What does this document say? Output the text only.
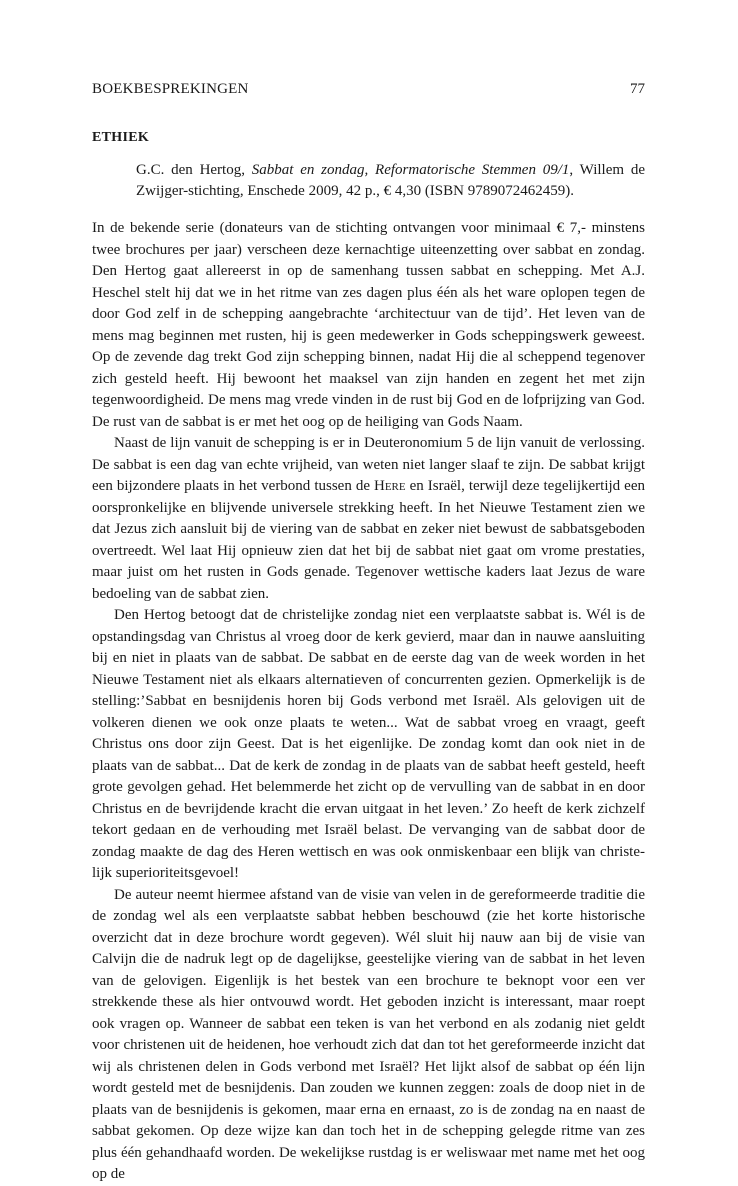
BOEKBESPREKINGEN	77
ETHIEK
G.C. den Hertog, Sabbat en zondag, Reformatorische Stemmen 09/1, Willem de Zwijger-stichting, Enschede 2009, 42 p., € 4,30 (ISBN 9789072462459).

In de bekende serie (donateurs van de stichting ontvangen voor minimaal € 7,- minstens twee brochures per jaar) verscheen deze kernachtige uiteenzetting over sabbat en zondag. Den Hertog gaat allereerst in op de samenhang tussen sabbat en schepping. Met A.J. Heschel stelt hij dat we in het ritme van zes dagen plus één als het ware oplopen tegen de door God zelf in de schepping aangebrachte ‘architectuur van de tijd’. Het leven van de mens mag beginnen met rusten, hij is geen medewerker in Gods scheppingswerk geweest. Op de zevende dag trekt God zijn schepping binnen, nadat Hij die al scheppend tegenover zich gesteld heeft. Hij bewoont het maaksel van zijn handen en zegent het met zijn tegenwoordigheid. De mens mag vrede vinden in de rust bij God en de lofprijzing van God. De rust van de sabbat is er met het oog op de heiliging van Gods Naam.

Naast de lijn vanuit de schepping is er in Deuteronomium 5 de lijn vanuit de verlossing. De sabbat is een dag van echte vrijheid, van weten niet langer slaaf te zijn. De sabbat krijgt een bijzondere plaats in het verbond tussen de Here en Israël, terwijl deze tegelijkertijd een oorspronkelijke en blijvende universele strekking heeft. In het Nieuwe Testament zien we dat Jezus zich aansluit bij de viering van de sabbat en zeker niet bewust de sabbatsgeboden overtreedt. Wel laat Hij opnieuw zien dat het bij de sabbat niet gaat om vrome prestaties, maar juist om het rusten in Gods genade. Tegenover wettische kaders laat Jezus de ware bedoeling van de sabbat zien.

Den Hertog betoogt dat de christelijke zondag niet een verplaatste sabbat is. Wél is de opstandingsdag van Christus al vroeg door de kerk gevierd, maar dan in nauwe aansluiting bij en niet in plaats van de sabbat. De sabbat en de eerste dag van de week worden in het Nieuwe Testament niet als elkaars alternatieven of concurrenten gezien. Opmerkelijk is de stelling:’Sabbat en besnijdenis horen bij Gods verbond met Israël. Als gelovigen uit de volkeren dienen we ook onze plaats te weten... Wat de sabbat vroeg en vraagt, geeft Christus ons door zijn Geest. Dat is het eigenlijke. De zondag komt dan ook niet in de plaats van de sabbat... Dat de kerk de zondag in de plaats van de sabbat heeft gesteld, heeft grote gevolgen gehad. Het belemmerde het zicht op de vervulling van de sabbat in en door Christus en de bevrijdende kracht die ervan uitgaat in het leven.’ Zo heeft de kerk zichzelf tekort gedaan en de verhouding met Israël belast. De vervanging van de sabbat door de zondag maakte de dag des Heren wettisch en was ook onmiskenbaar een blijk van christelijk superioriteitsgevoel!

De auteur neemt hiermee afstand van de visie van velen in de gereformeerde traditie die de zondag wel als een verplaatste sabbat hebben beschouwd (zie het korte historische overzicht dat in deze brochure wordt gegeven). Wél sluit hij nauw aan bij de visie van Calvijn die de nadruk legt op de dagelijkse, geestelijke viering van de sabbat in het leven van de gelovigen. Eigenlijk is het bestek van een brochure te beknopt voor een ver strekkende these als hier ontvouwd wordt. Het geboden inzicht is interessant, maar roept ook vragen op. Wanneer de sabbat een teken is van het verbond en als zodanig niet geldt voor christenen uit de heidenen, hoe verhoudt zich dat dan tot het gereformeerde inzicht dat wij als christenen delen in Gods verbond met Israël? Het lijkt alsof de sabbat op één lijn wordt gesteld met de besnijdenis. Dan zouden we kunnen zeggen: zoals de doop niet in de plaats van de besnijdenis is gekomen, maar erna en ernaast, zo is de zondag na en naast de sabbat gekomen. Op deze wijze kan dan toch het in de schepping gelegde ritme van zes plus één gehandhaafd worden. De wekelijkse rustdag is er weliswaar met name met het oog op de
